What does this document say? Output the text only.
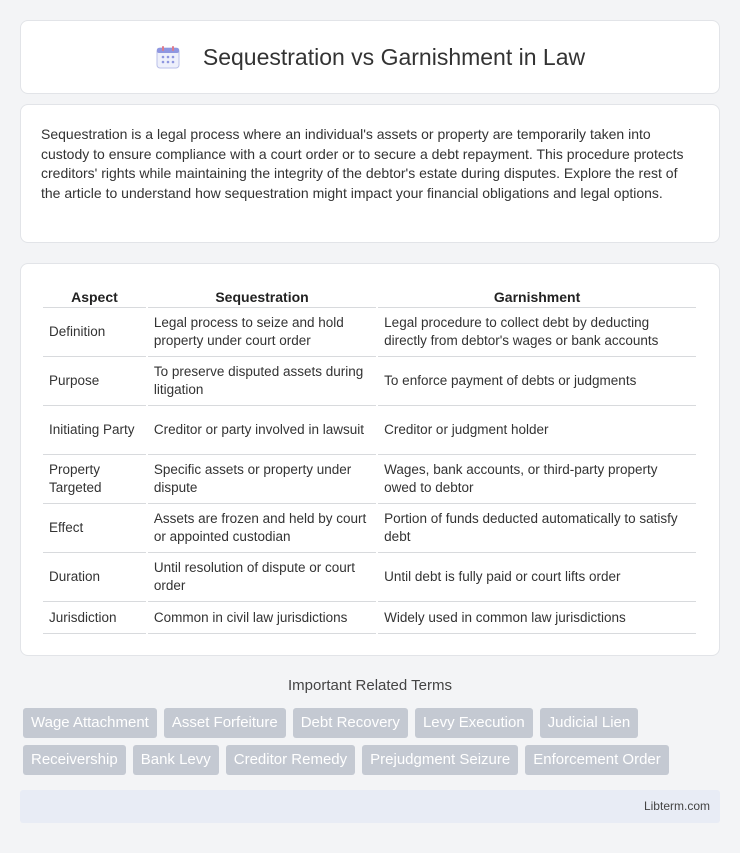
Sequestration vs Garnishment in Law

Sequestration is a legal process where an individual's assets or property are temporarily taken into custody to ensure compliance with a court order or to secure a debt repayment. This procedure protects creditors' rights while maintaining the integrity of the debtor's estate during disputes. Explore the rest of the article to understand how sequestration might impact your financial obligations and legal options.

Aspect	Sequestration	Garnishment
Definition	Legal process to seize and hold property under court order	Legal procedure to collect debt by deducting directly from debtor's wages or bank accounts
Purpose	To preserve disputed assets during litigation	To enforce payment of debts or judgments
Initiating Party	Creditor or party involved in lawsuit	Creditor or judgment holder
Property Targeted	Specific assets or property under dispute	Wages, bank accounts, or third-party property owed to debtor
Effect	Assets are frozen and held by court or appointed custodian	Portion of funds deducted automatically to satisfy debt
Duration	Until resolution of dispute or court order	Until debt is fully paid or court lifts order
Jurisdiction	Common in civil law jurisdictions	Widely used in common law jurisdictions
Important Related Terms
Wage Attachment	Asset Forfeiture	Debt Recovery	Levy Execution	Judicial Lien
Receivership	Bank Levy	Creditor Remedy	Prejudgment Seizure	Enforcement Order
Libterm.com
